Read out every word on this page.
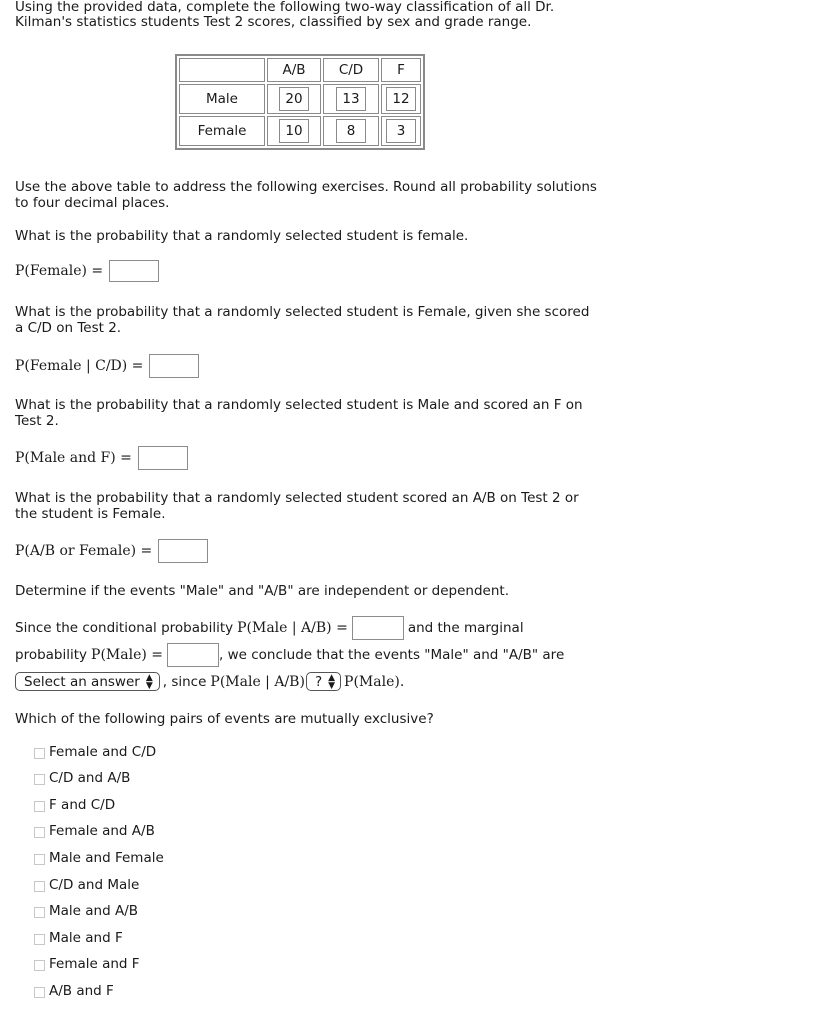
Using the provided data, complete the following two-way classification of all Dr.
Kilman's statistics students Test 2 scores, classified by sex and grade range.
	A/B	C/D	F
Male	20	13	12
Female	10	8	3
Use the above table to address the following exercises. Round all probability solutions
to four decimal places.
What is the probability that a randomly selected student is female.
P(Female) =
What is the probability that a randomly selected student is Female, given she scored
a C/D on Test 2.
P(Female | C/D) =
What is the probability that a randomly selected student is Male and scored an F on
Test 2.
P(Male and F) =
What is the probability that a randomly selected student scored an A/B on Test 2 or
the student is Female.
P(A/B or Female) =
Determine if the events "Male" and "A/B" are independent or dependent.
Since the conditional probability P(Male | A/B) =	and the marginal
probability P(Male) =	, we conclude that the events "Male" and "A/B" are
Select an answer ▲
▼ , since P(Male | A/B) ? ▲
▼ P(Male).
Which of the following pairs of events are mutually exclusive?
Female and C/D
C/D and A/B
F and C/D
Female and A/B
Male and Female
C/D and Male
Male and A/B
Male and F
Female and F
A/B and F
